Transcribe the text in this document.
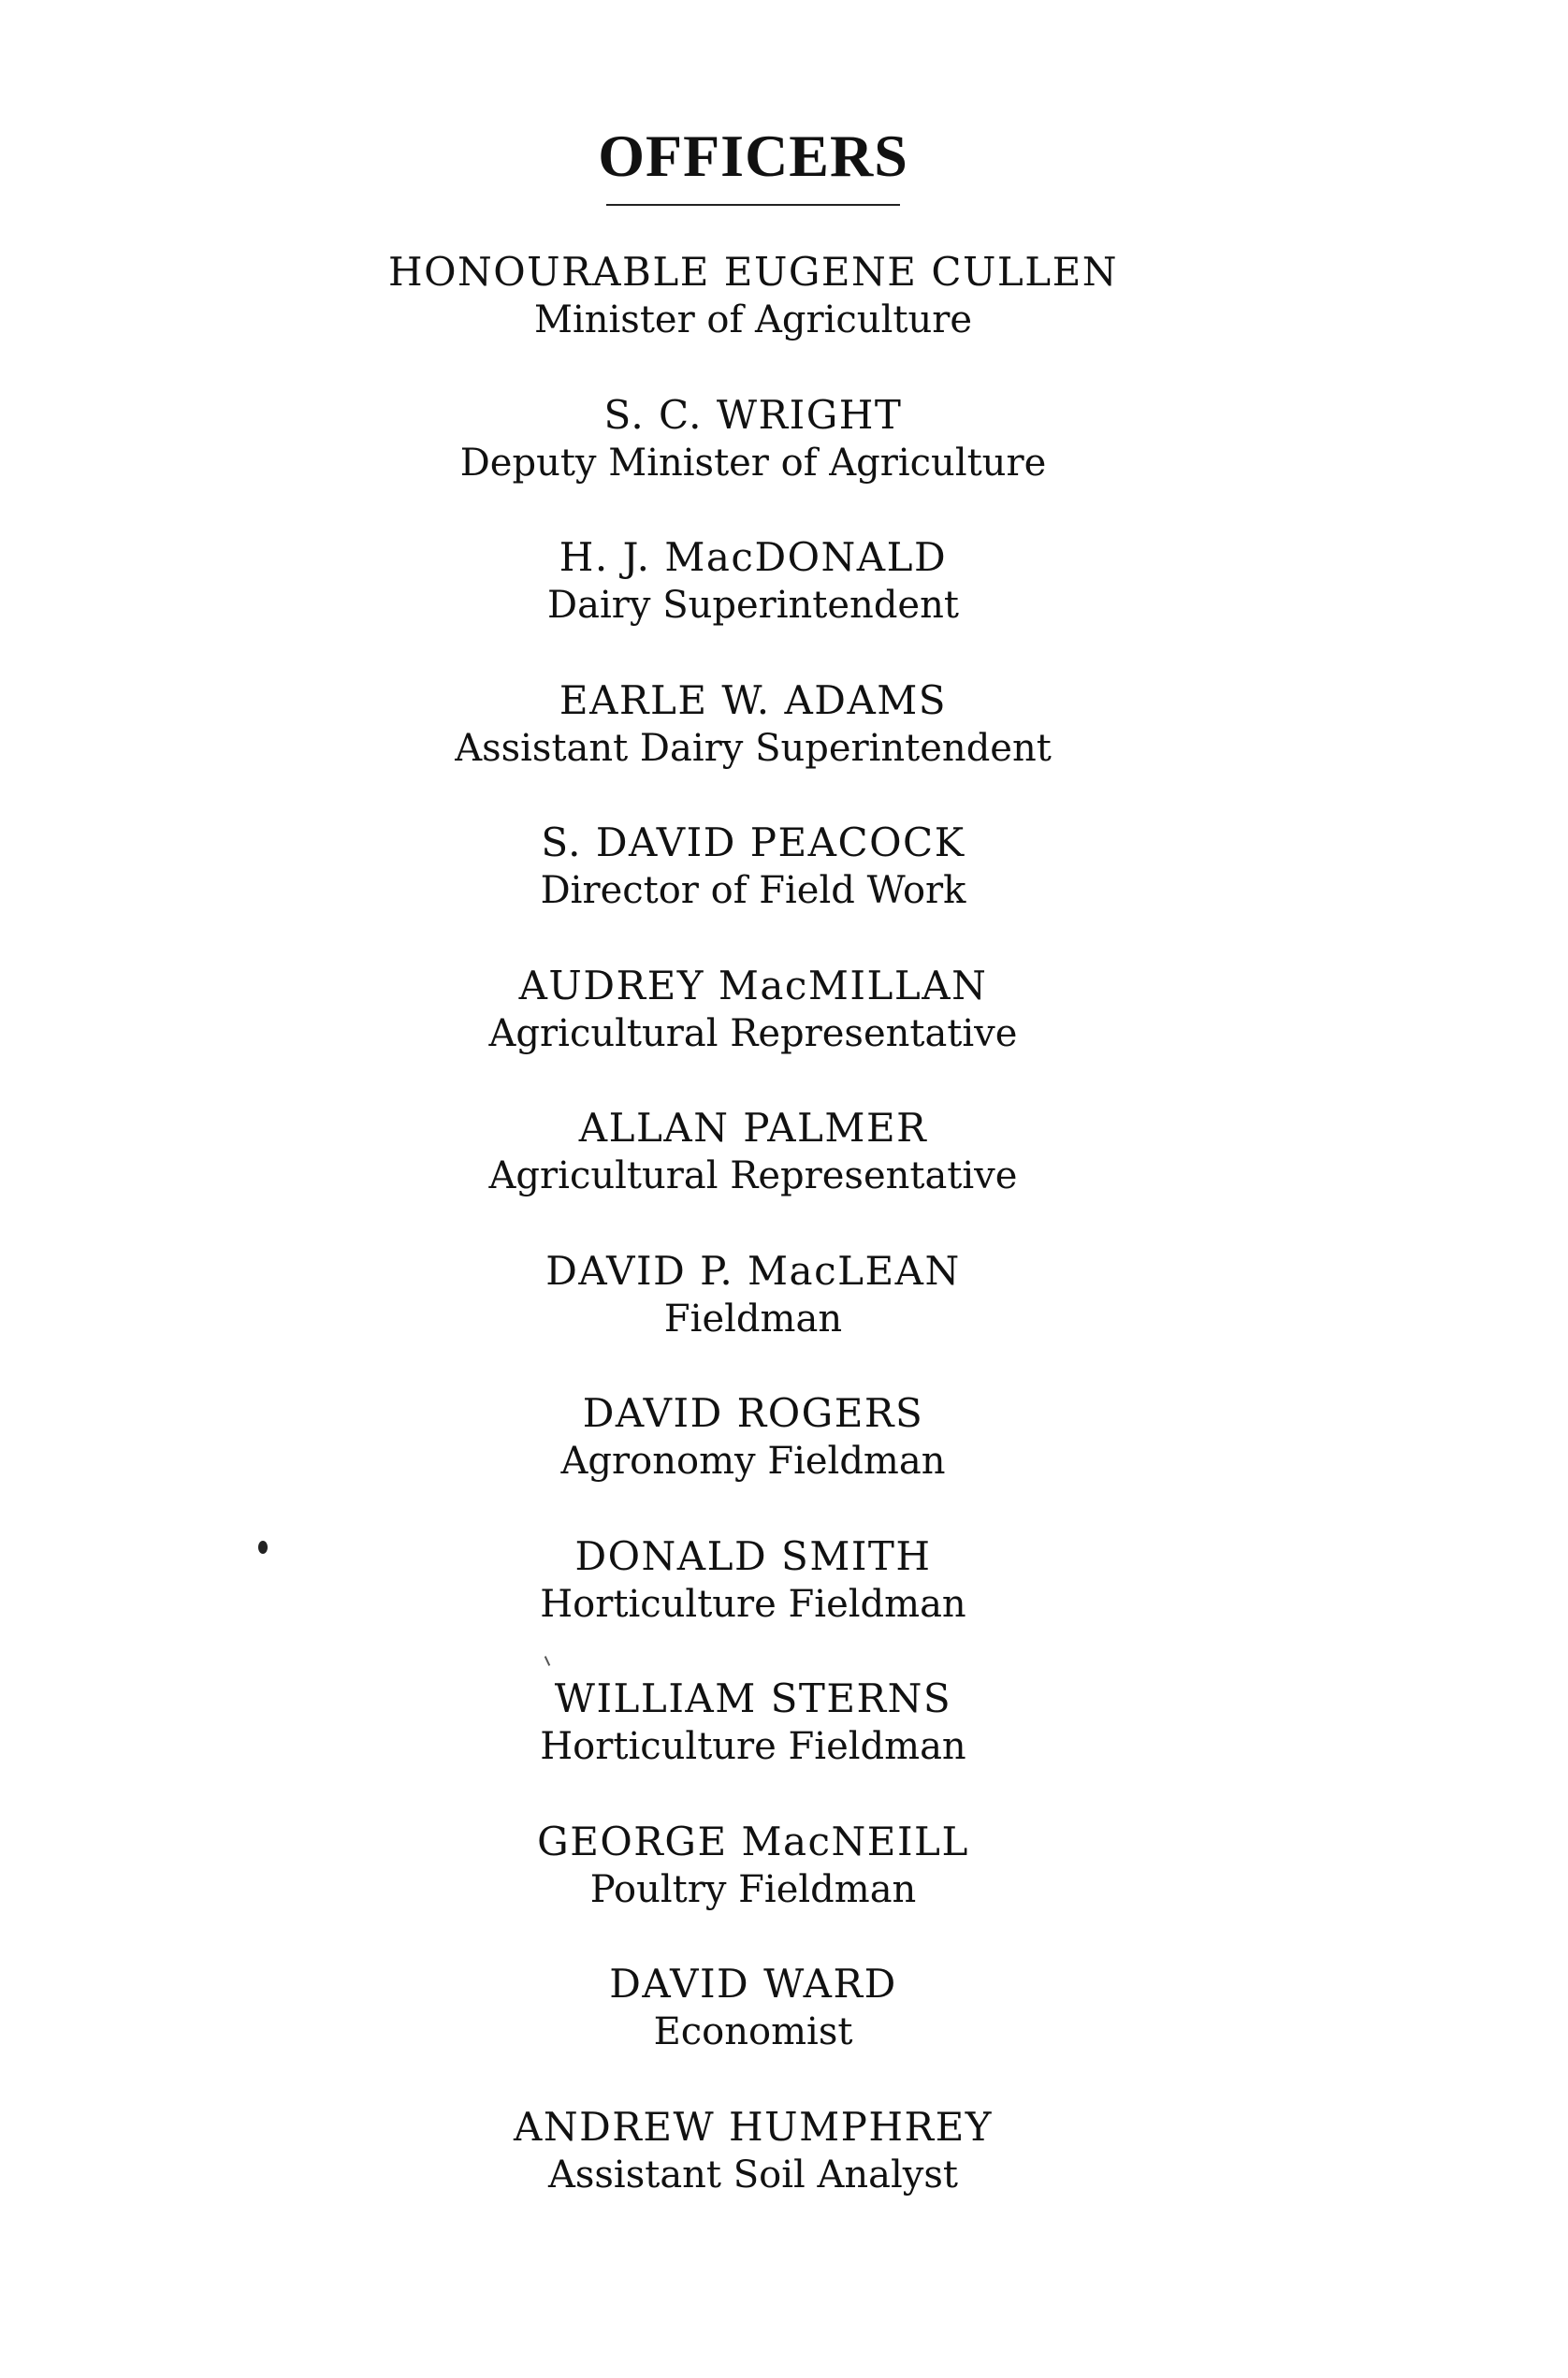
OFFICERS
HONOURABLE EUGENE CULLEN
Minister of Agriculture
S. C. WRIGHT
Deputy Minister of Agriculture
H. J. MacDONALD
Dairy Superintendent
EARLE W. ADAMS
Assistant Dairy Superintendent
S. DAVID PEACOCK
Director of Field Work
AUDREY MacMILLAN
Agricultural Representative
ALLAN PALMER
Agricultural Representative
DAVID P. MacLEAN
Fieldman
DAVID ROGERS
Agronomy Fieldman
DONALD SMITH
Horticulture Fieldman
WILLIAM STERNS
Horticulture Fieldman
GEORGE MacNEILL
Poultry Fieldman
DAVID WARD
Economist
ANDREW HUMPHREY
Assistant Soil Analyst
